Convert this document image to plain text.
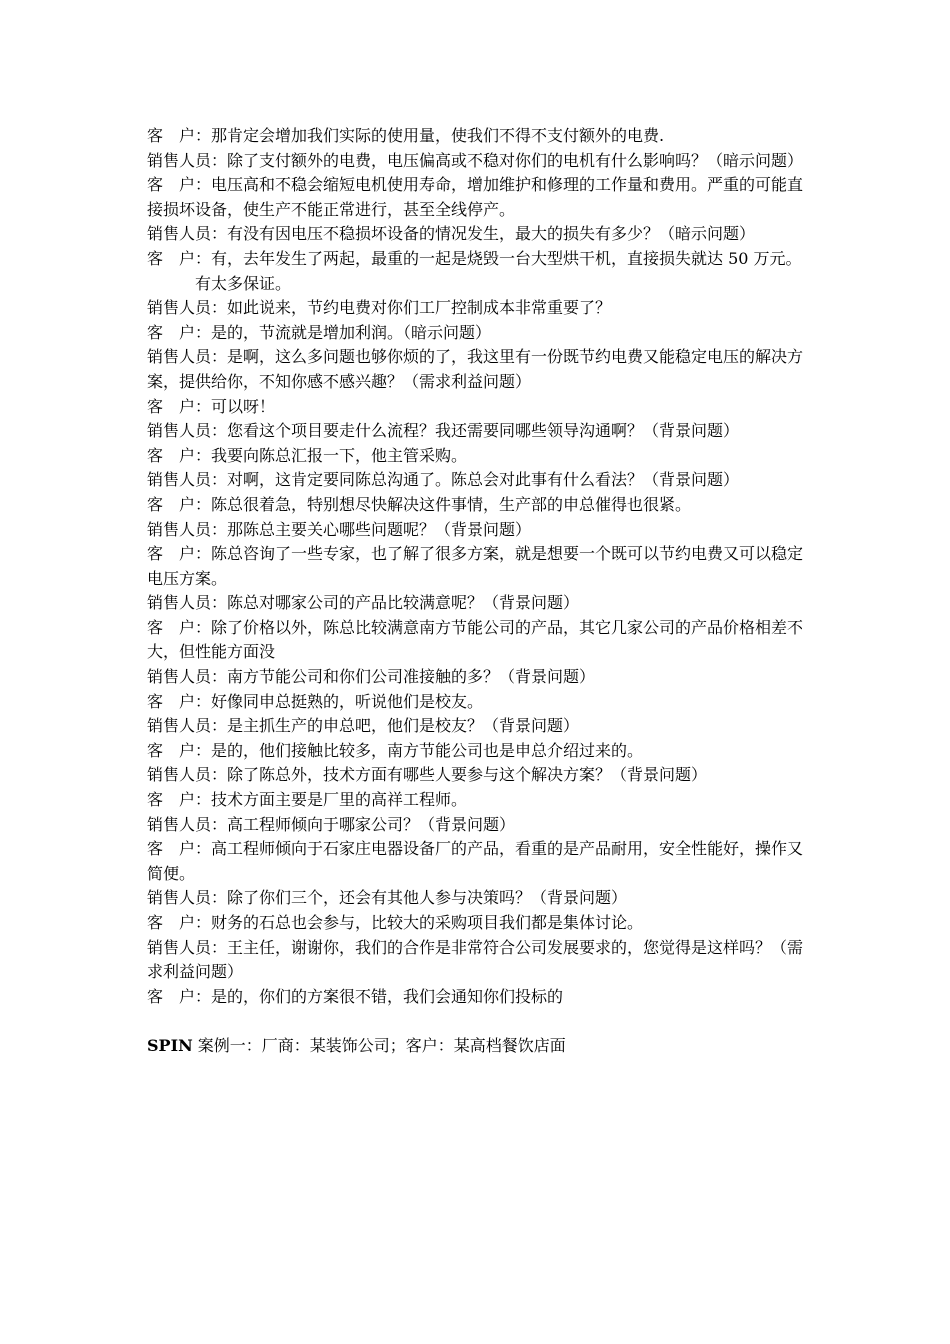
客　户：那肯定会增加我们实际的使用量，使我们不得不支付额外的电费.

销售人员：除了支付额外的电费，电压偏高或不稳对你们的电机有什么影响吗？（暗示问题）

客　户：电压高和不稳会缩短电机使用寿命，增加维护和修理的工作量和费用。严重的可能直接损坏设备，使生产不能正常进行，甚至全线停产。

销售人员：有没有因电压不稳损坏设备的情况发生，最大的损失有多少？（暗示问题）

客　户：有，去年发生了两起，最重的一起是烧毁一台大型烘干机，直接损失就达 50 万元。

有太多保证。

销售人员：如此说来，节约电费对你们工厂控制成本非常重要了？

客　户：是的，节流就是增加利润。（暗示问题）

销售人员：是啊，这么多问题也够你烦的了，我这里有一份既节约电费又能稳定电压的解决方案，提供给你，不知你感不感兴趣？（需求利益问题）

客　户：可以呀！

销售人员：您看这个项目要走什么流程？我还需要同哪些领导沟通啊？（背景问题）

客　户：我要向陈总汇报一下，他主管采购。

销售人员：对啊，这肯定要同陈总沟通了。陈总会对此事有什么看法？（背景问题）

客　户：陈总很着急，特别想尽快解决这件事情，生产部的申总催得也很紧。

销售人员：那陈总主要关心哪些问题呢？（背景问题）

客　户：陈总咨询了一些专家，也了解了很多方案，就是想要一个既可以节约电费又可以稳定电压方案。

销售人员：陈总对哪家公司的产品比较满意呢？（背景问题）

客　户：除了价格以外，陈总比较满意南方节能公司的产品，其它几家公司的产品价格相差不大，但性能方面没

销售人员：南方节能公司和你们公司准接触的多？（背景问题）

客　户：好像同申总挺熟的，听说他们是校友。

销售人员：是主抓生产的申总吧，他们是校友？（背景问题）

客　户：是的，他们接触比较多，南方节能公司也是申总介绍过来的。

销售人员：除了陈总外，技术方面有哪些人要参与这个解决方案？（背景问题）

客　户：技术方面主要是厂里的高祥工程师。

销售人员：高工程师倾向于哪家公司？（背景问题）

客　户：高工程师倾向于石家庄电器设备厂的产品，看重的是产品耐用，安全性能好，操作又简便。

销售人员：除了你们三个，还会有其他人参与决策吗？（背景问题）

客　户：财务的石总也会参与，比较大的采购项目我们都是集体讨论。

销售人员：王主任，谢谢你，我们的合作是非常符合公司发展要求的，您觉得是这样吗？（需求利益问题）

客　户：是的，你们的方案很不错，我们会通知你们投标的

SPIN 案例一：厂商：某装饰公司；客户：某高档餐饮店面
